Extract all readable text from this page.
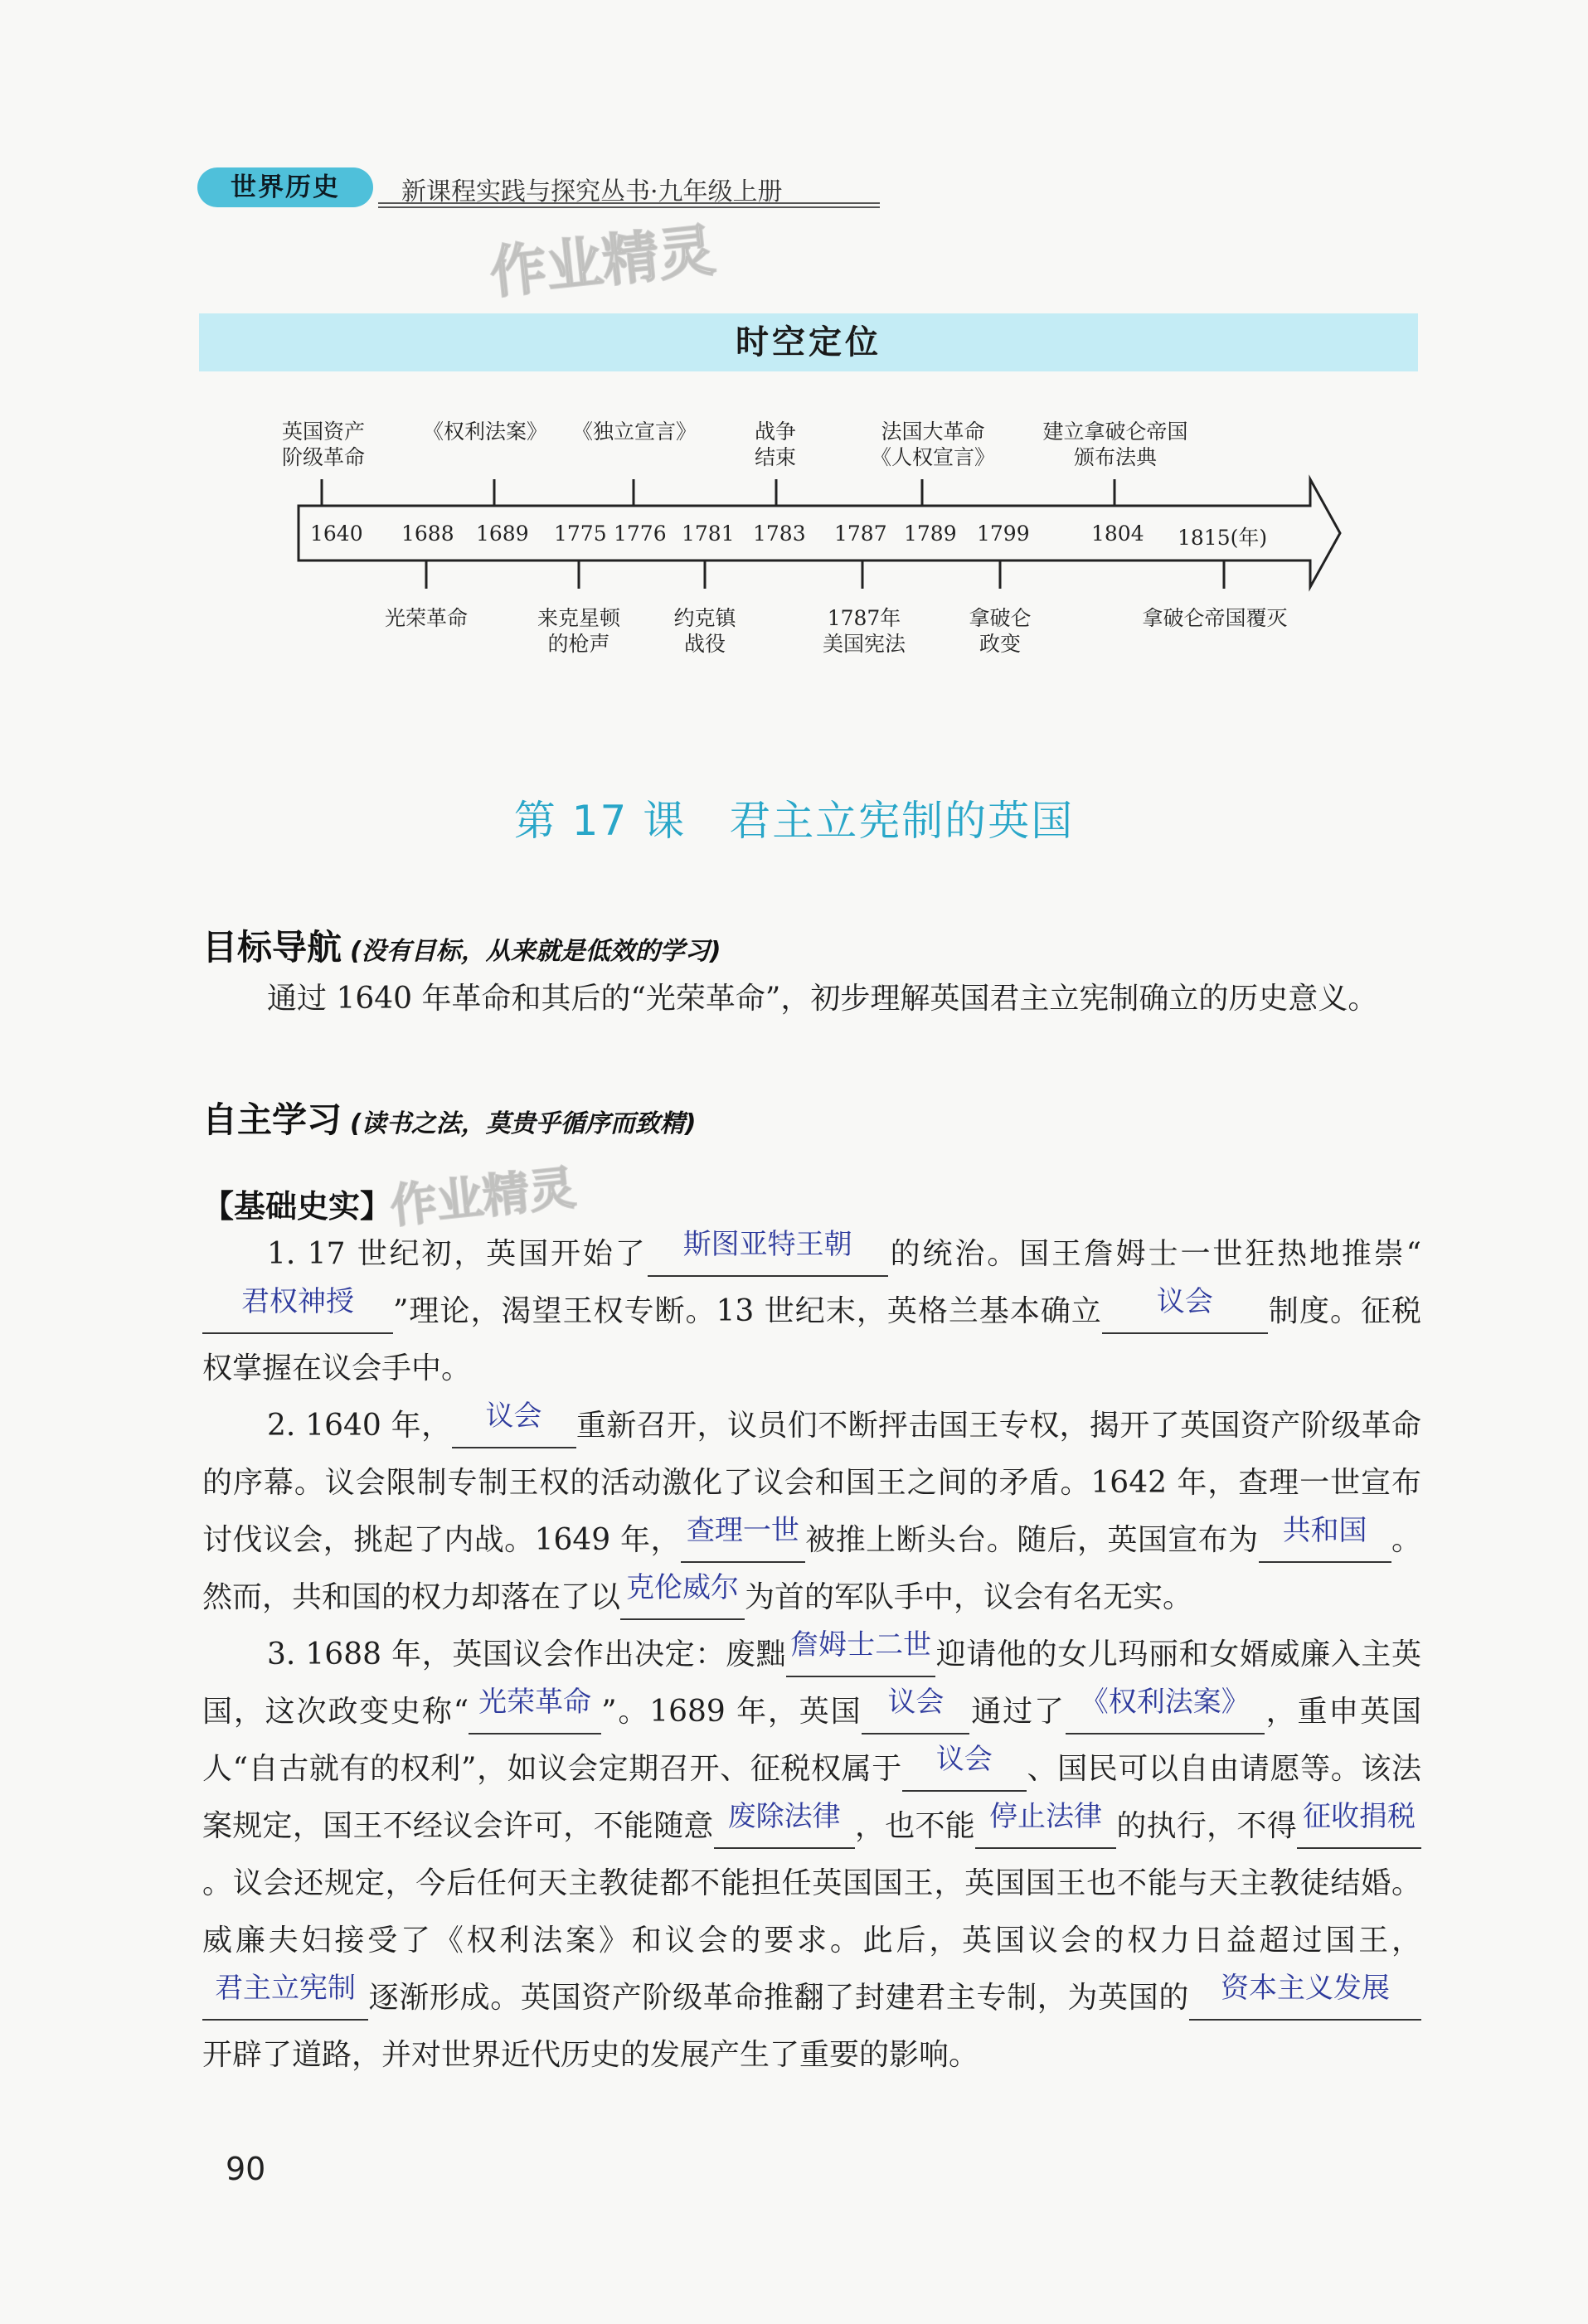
世界历史	新课程实践与探究丛书·九年级上册
作业精灵
时空定位
1640 1688 1689 1775 1776 1781 1783 1787 1789 1799	1804 1815(年)
英国资产
阶级革命
《权利法案》 《独立宣言》	战争
结束
法国大革命
《人权宣言》
建立拿破仑帝国
颁布法典
光荣革命	来克星顿
的枪声
约克镇
战役
1787年
美国宪法
拿破仑
政变
拿破仑帝国覆灭
第 17 课　君主立宪制的英国
目标导航 (没有目标，从来就是低效的学习)
通过 1640 年革命和其后的“光荣革命”，初步理解英国君主立宪制确立的历史意义。
自主学习 (读书之法，莫贵乎循序而致精)
【基础史实】
作业精灵
1. 17 世纪初，英国开始了 斯图亚特王朝 的统治。国王詹姆士一世狂热地推崇“君权神授 ”理论，渴望王权专断。13 世纪末，英格兰基本确立 议会 制度。征税权掌握在议会手中。
2. 1640 年， 议会 重新召开，议员们不断抨击国王专权，揭开了英国资产阶级革命的序幕。议会限制专制王权的活动激化了议会和国王之间的矛盾。1642 年，查理一世宣布讨伐议会，挑起了内战。1649 年， 查理一世 被推上断头台。随后，英国宣布为 共和国 。然而，共和国的权力却落在了以 克伦威尔 为首的军队手中，议会有名无实。
3. 1688 年，英国议会作出决定：废黜 詹姆士二世 迎请他的女儿玛丽和女婿威廉入主英国，这次政变史称“ 光荣革命 ”。1689 年，英国 议会 通过了 《权利法案》 ，重申英国人“自古就有的权利”，如议会定期召开、征税权属于 议会 、国民可以自由请愿等。该法案规定，国王不经议会许可，不能随意 废除法律 ，也不能 停止法律 的执行，不得 征收捐税。议会还规定，今后任何天主教徒都不能担任英国国王，英国国王也不能与天主教徒结婚。威廉夫妇接受了《权利法案》和议会的要求。此后，英国议会的权力日益超过国王，君主立宪制 逐渐形成。英国资产阶级革命推翻了封建君主专制，为英国的 资本主义发展开辟了道路，并对世界近代历史的发展产生了重要的影响。
90
